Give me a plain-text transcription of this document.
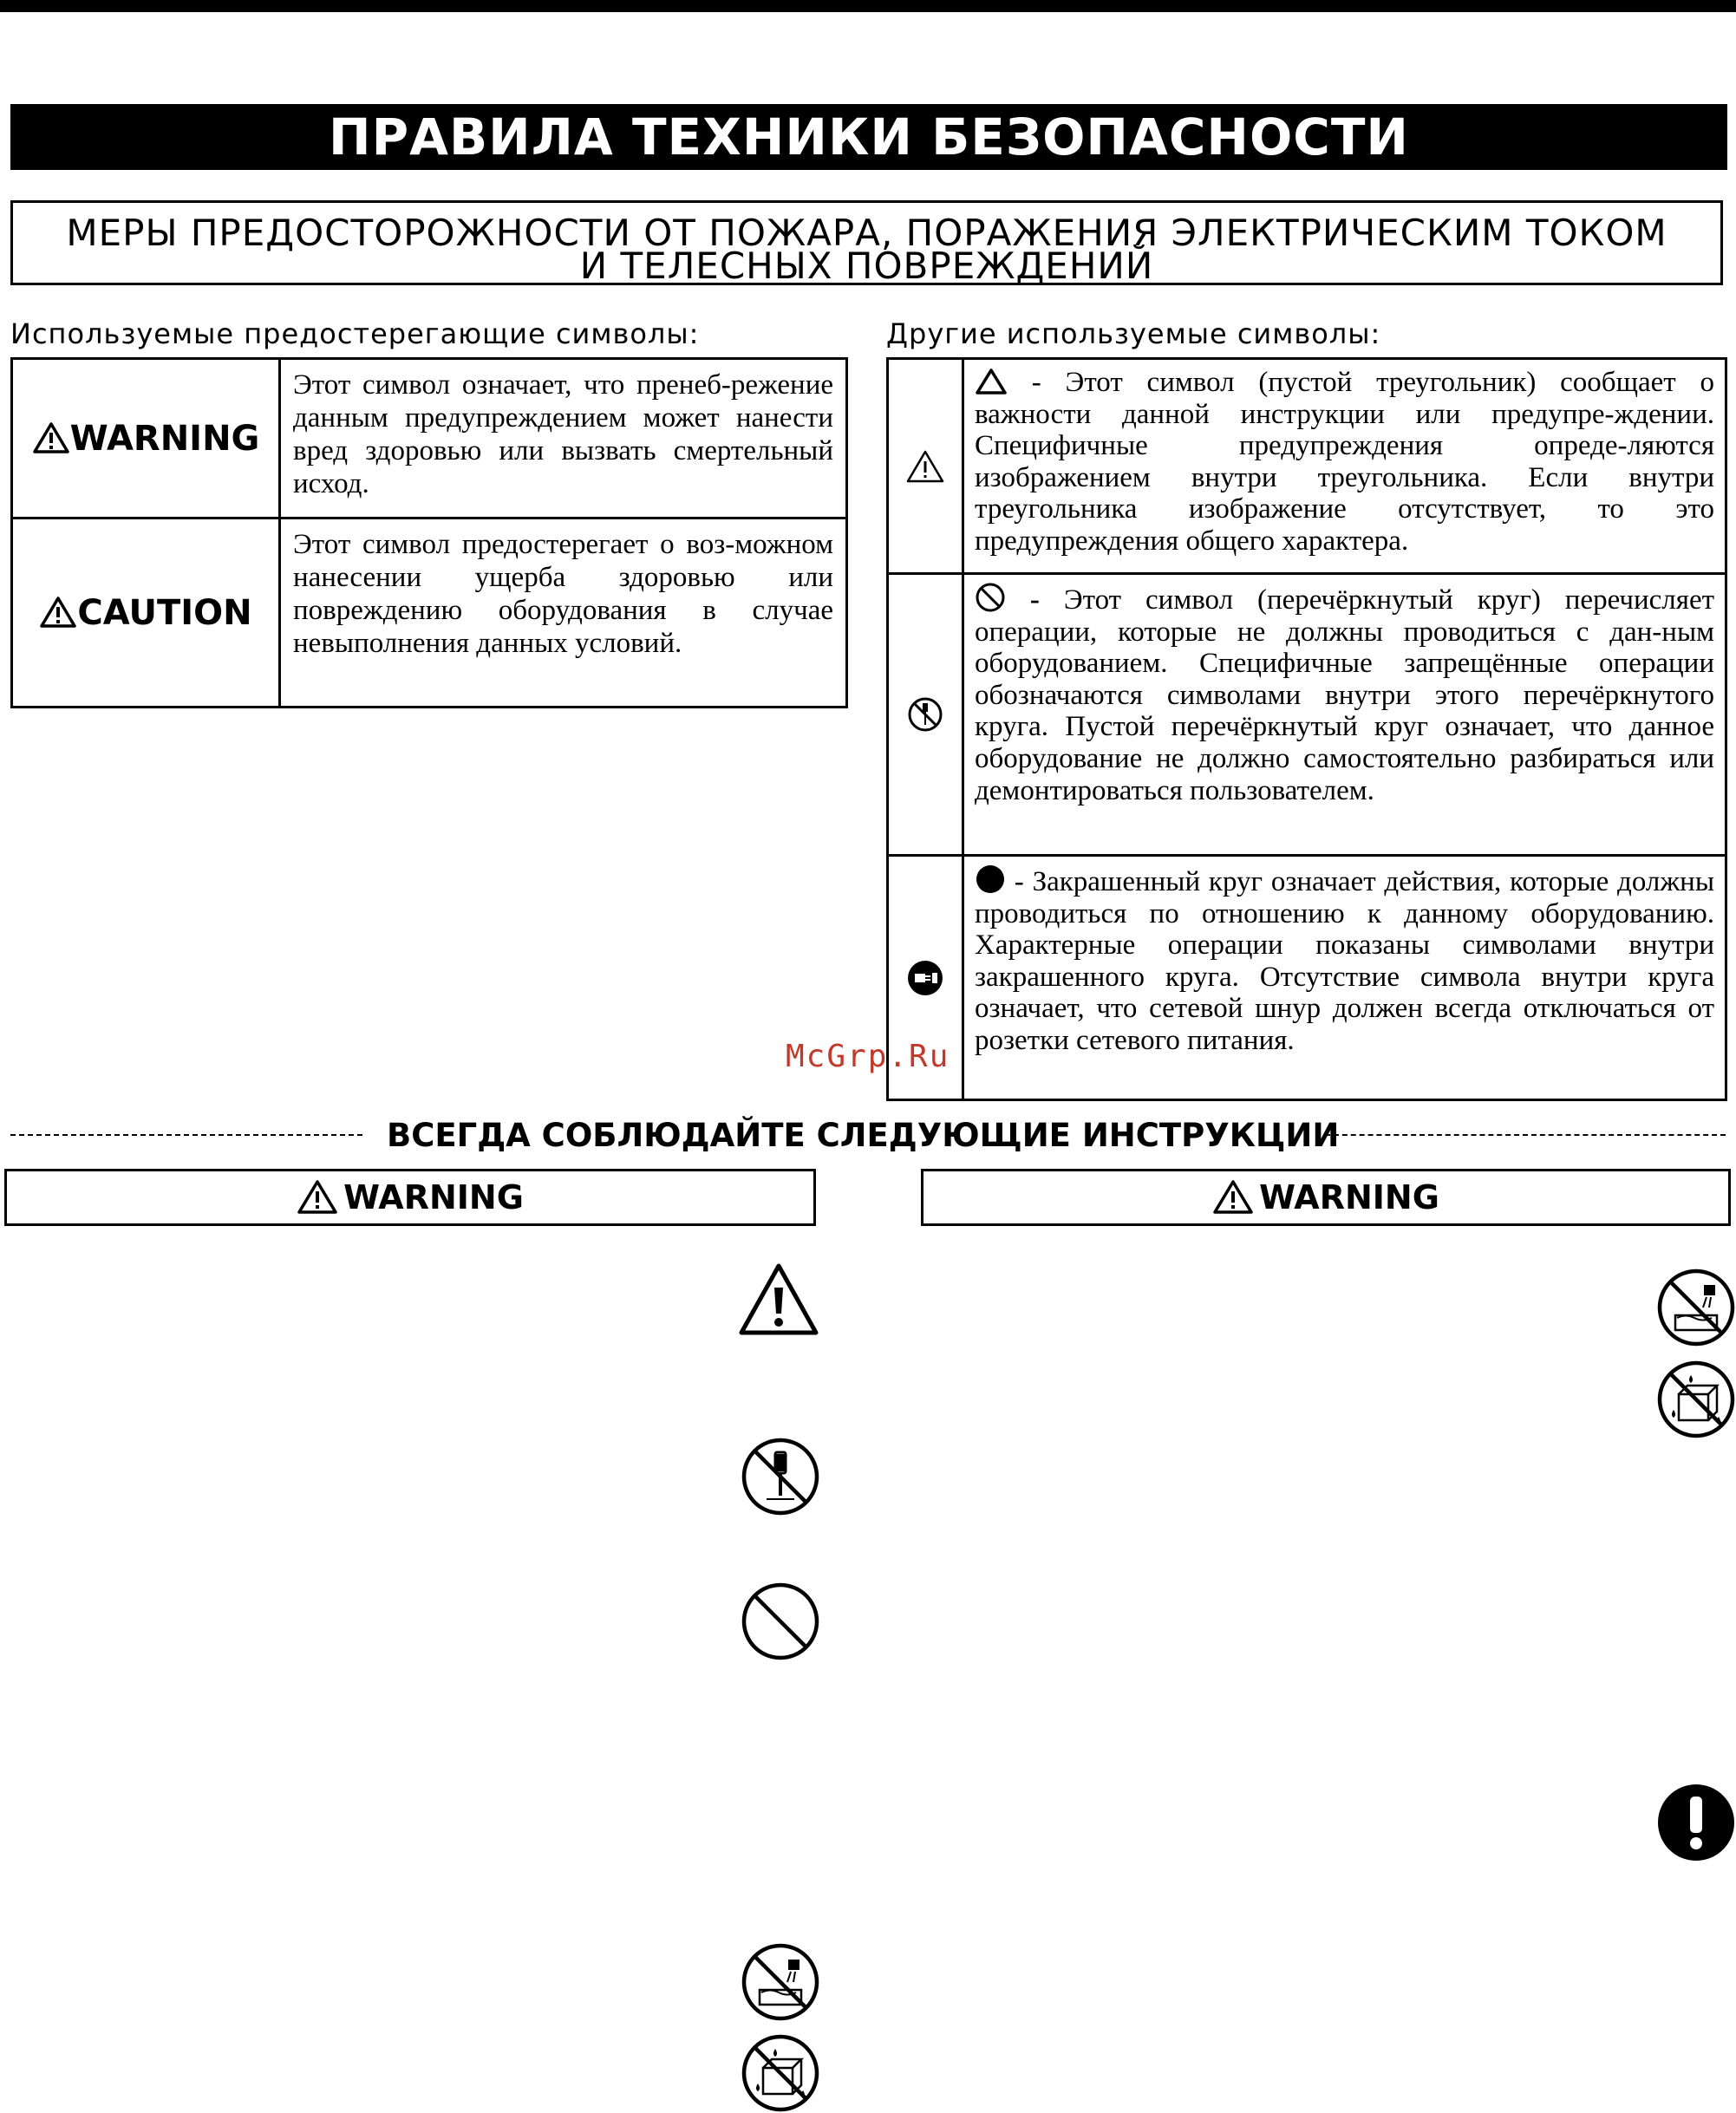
ПРАВИЛА ТЕХНИКИ БЕЗОПАСНОСТИ
МЕРЫ ПРЕДОСТОРОЖНОСТИ ОТ ПОЖАРА, ПОРАЖЕНИЯ ЭЛЕКТРИЧЕСКИМ ТОКОМ
И ТЕЛЕСНЫХ ПОВРЕЖДЕНИЙ
Используемые предостерегающие символы:
WARNING	Этот символ означает, что пренеб-режение данным предупреждением может нанести вред здоровью или вызвать смертельный исход.
CAUTION	Этот символ предостерегает о воз-можном нанесении ущерба здоровью или повреждению оборудования в случае невыполнения данных условий.
Другие используемые символы:
	- Этот символ (пустой треугольник) сообщает о важности данной инструкции или предупре-ждении. Специфичные предупреждения опреде-ляются изображением внутри треугольника. Если внутри треугольника изображение отсутствует, то это предупреждения общего характера.

	- Этот символ (перечёркнутый круг) перечисляет операции, которые не должны проводиться с дан-ным оборудованием. Специфичные запрещённые операции обозначаются символами внутри этого перечёркнутого круга. Пустой перечёркнутый круг означает, что данное оборудование не должно самостоятельно разбираться или демонтироваться пользователем.

	- Закрашенный круг означает действия, которые должны проводиться по отношению к данному оборудованию. Характерные операции показаны символами внутри закрашенного круга. Отсутствие символа внутри круга означает, что сетевой шнур должен всегда отключаться от розетки сетевого питания.
McGrp.Ru
ВСЕГДА СОБЛЮДАЙТЕ СЛЕДУЮЩИЕ ИНСТРУКЦИИ
WARNING	WARNING
